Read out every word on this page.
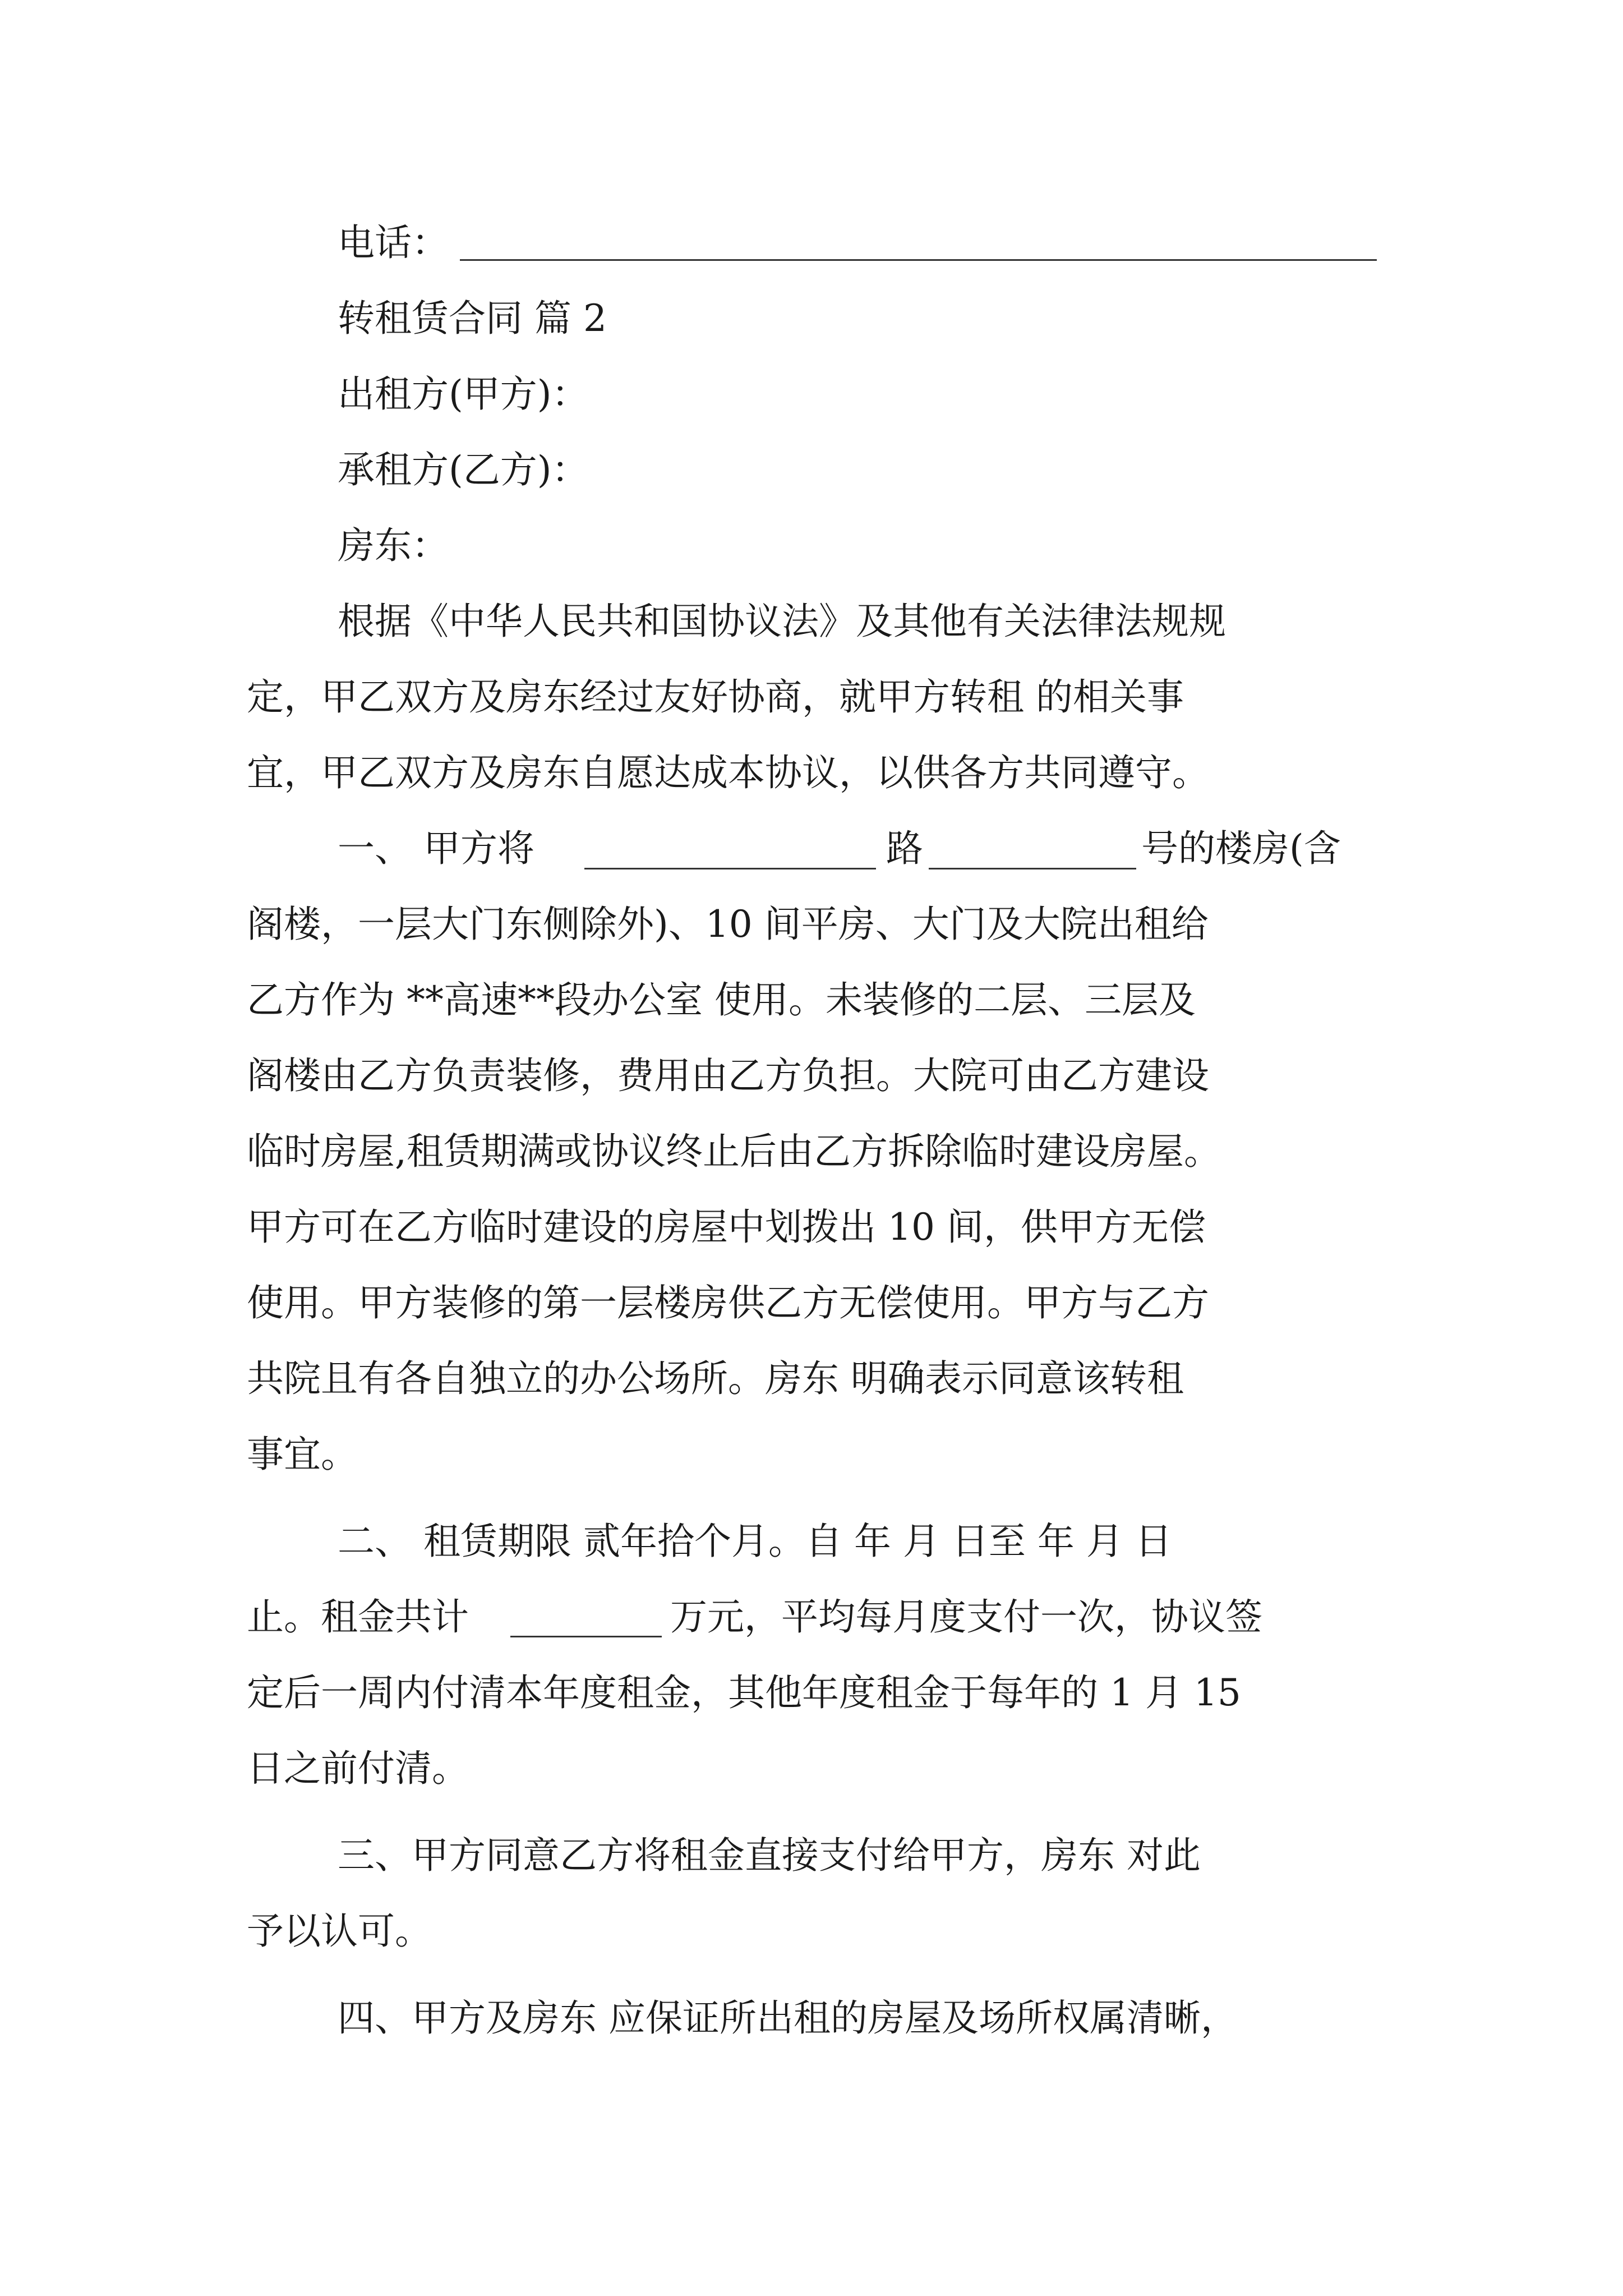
电话：
转租赁合同 篇 2
出租方(甲方)：
承租方(乙方)：
房东：
根据《中华人民共和国协议法》及其他有关法律法规规
定，甲乙双方及房东经过友好协商，就甲方转租 的相关事
宜，甲乙双方及房东自愿达成本协议，以供各方共同遵守。
一、 甲方将	路	号的楼房(含
阁楼，一层大门东侧除外)、10 间平房、大门及大院出租给
乙方作为 **高速**段办公室 使用。未装修的二层、三层及
阁楼由乙方负责装修，费用由乙方负担。大院可由乙方建设
临时房屋,租赁期满或协议终止后由乙方拆除临时建设房屋。
甲方可在乙方临时建设的房屋中划拨出 10 间，供甲方无偿
使用。甲方装修的第一层楼房供乙方无偿使用。甲方与乙方
共院且有各自独立的办公场所。房东 明确表示同意该转租
事宜。
二、 租赁期限 贰年拾个月。自 年 月 日至 年 月 日
止。租金共计	万元，平均每月度支付一次，协议签
定后一周内付清本年度租金，其他年度租金于每年的 1 月 15
日之前付清。
三、甲方同意乙方将租金直接支付给甲方，房东 对此
予以认可。
四、甲方及房东 应保证所出租的房屋及场所权属清晰，
